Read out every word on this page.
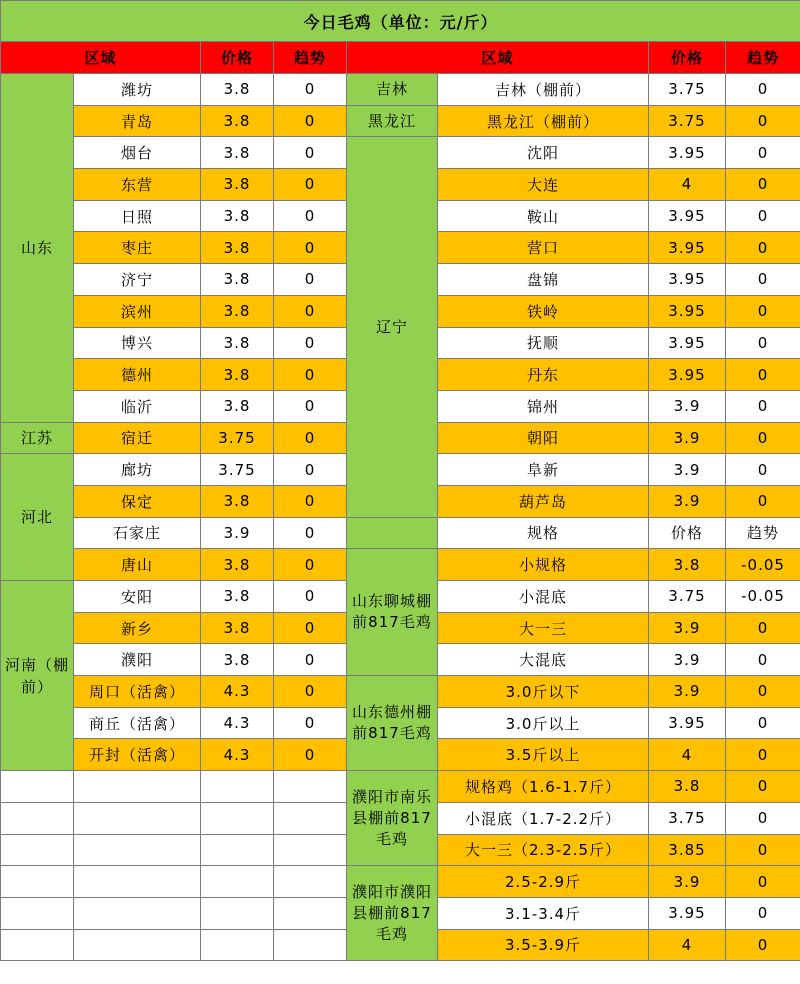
今日毛鸡（单位：元/斤）							
区域		价格	趋势	区域		价格	趋势
山东	潍坊	3.8	0	吉林	吉林（棚前）	3.75	0
	青岛	3.8	0	黑龙江	黑龙江（棚前）	3.75	0
	烟台	3.8	0	辽宁	沈阳	3.95	0
	东营	3.8	0		大连	4	0
	日照	3.8	0		鞍山	3.95	0
	枣庄	3.8	0		营口	3.95	0
	济宁	3.8	0		盘锦	3.95	0
	滨州	3.8	0		铁岭	3.95	0
	博兴	3.8	0		抚顺	3.95	0
	德州	3.8	0		丹东	3.95	0
	临沂	3.8	0		锦州	3.9	0
江苏	宿迁	3.75	0		朝阳	3.9	0
河北	廊坊	3.75	0		阜新	3.9	0
	保定	3.8	0		葫芦岛	3.9	0
	石家庄	3.9	0		规格	价格	趋势
	唐山	3.8	0	山东聊城棚前817毛鸡	小规格	3.8	-0.05
河南（棚前）	安阳	3.8	0		小混底	3.75	-0.05
	新乡	3.8	0		大一三	3.9	0
	濮阳	3.8	0		大混底	3.9	0
	周口（活禽）	4.3	0	山东德州棚前817毛鸡	3.0斤以下	3.9	0
	商丘（活禽）	4.3	0		3.0斤以上	3.95	0
	开封（活禽）	4.3	0		3.5斤以上	4	0
				濮阳市南乐县棚前817毛鸡	规格鸡（1.6-1.7斤）	3.8	0
					小混底（1.7-2.2斤）	3.75	0
					大一三（2.3-2.5斤）	3.85	0
				濮阳市濮阳县棚前817毛鸡	2.5-2.9斤	3.9	0
					3.1-3.4斤	3.95	0
					3.5-3.9斤	4	0
